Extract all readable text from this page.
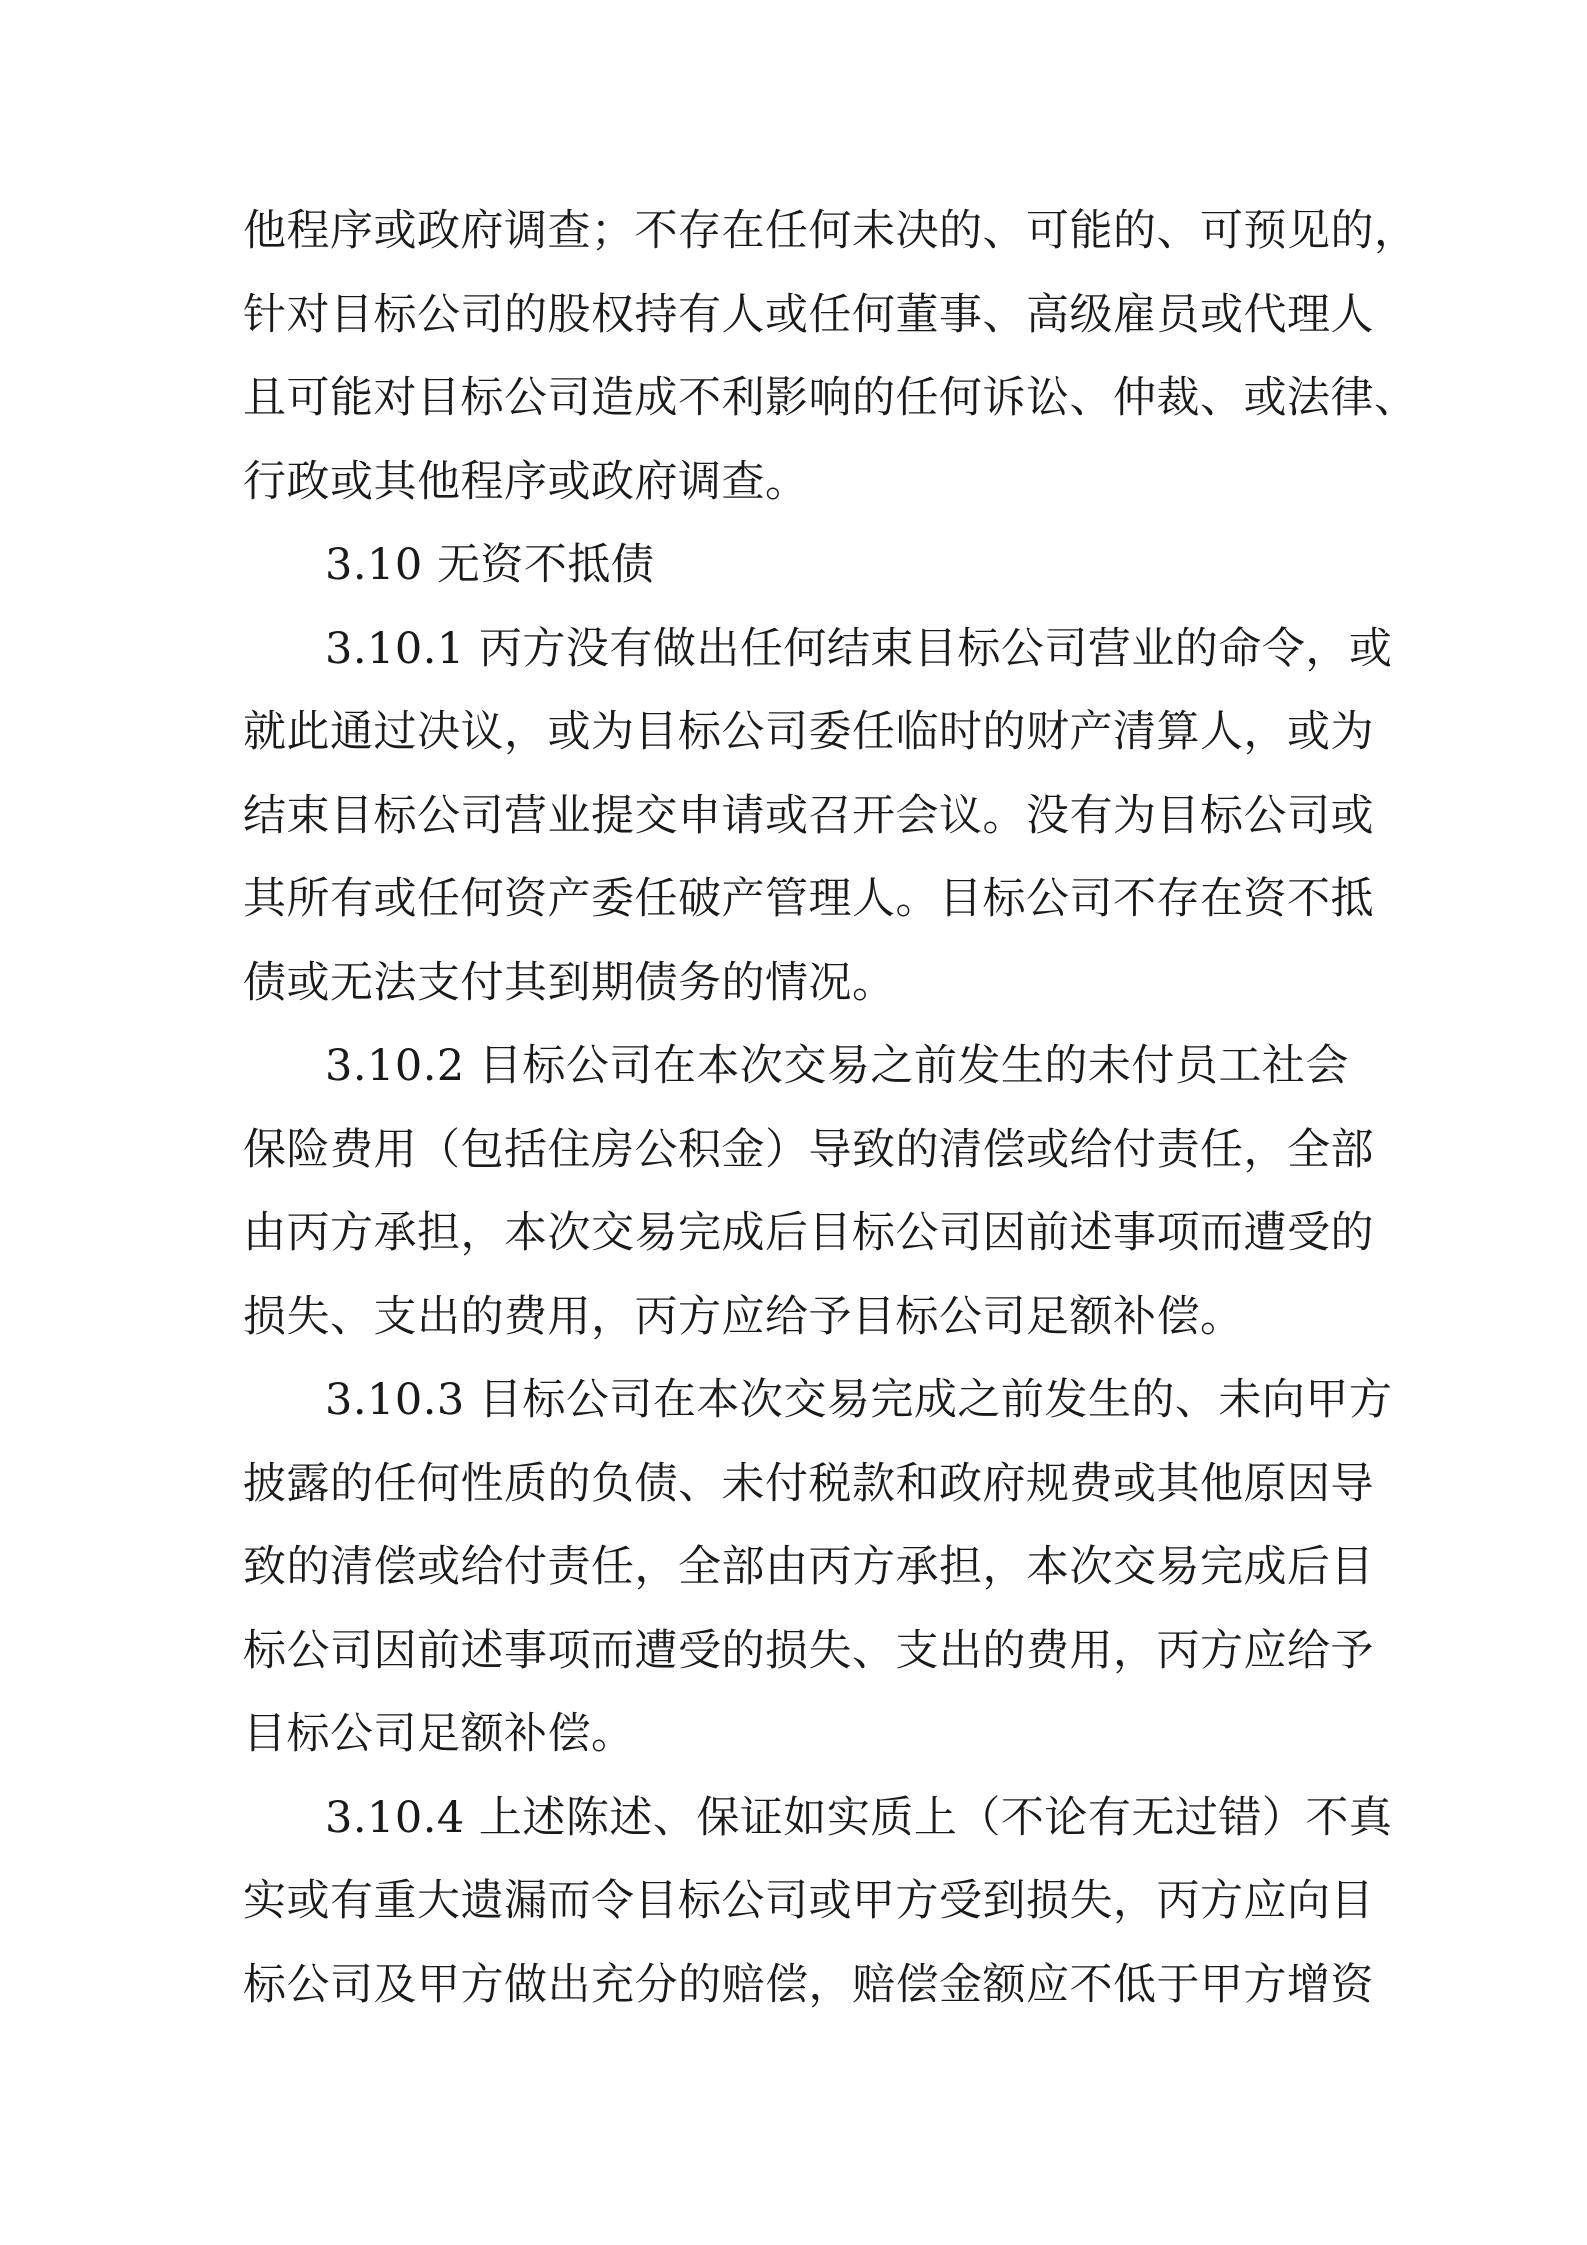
他程序或政府调查；不存在任何未决的、可能的、可预见的，
针对目标公司的股权持有人或任何董事、高级雇员或代理人
且可能对目标公司造成不利影响的任何诉讼、仲裁、或法律、
行政或其他程序或政府调查。
3.10 无资不抵债
3.10.1 丙方没有做出任何结束目标公司营业的命令，或
就此通过决议，或为目标公司委任临时的财产清算人，或为
结束目标公司营业提交申请或召开会议。没有为目标公司或
其所有或任何资产委任破产管理人。目标公司不存在资不抵
债或无法支付其到期债务的情况。
3.10.2 目标公司在本次交易之前发生的未付员工社会
保险费用（包括住房公积金）导致的清偿或给付责任，全部
由丙方承担，本次交易完成后目标公司因前述事项而遭受的
损失、支出的费用，丙方应给予目标公司足额补偿。
3.10.3 目标公司在本次交易完成之前发生的、未向甲方
披露的任何性质的负债、未付税款和政府规费或其他原因导
致的清偿或给付责任，全部由丙方承担，本次交易完成后目
标公司因前述事项而遭受的损失、支出的费用，丙方应给予
目标公司足额补偿。
3.10.4 上述陈述、保证如实质上（不论有无过错）不真
实或有重大遗漏而令目标公司或甲方受到损失，丙方应向目
标公司及甲方做出充分的赔偿，赔偿金额应不低于甲方增资
